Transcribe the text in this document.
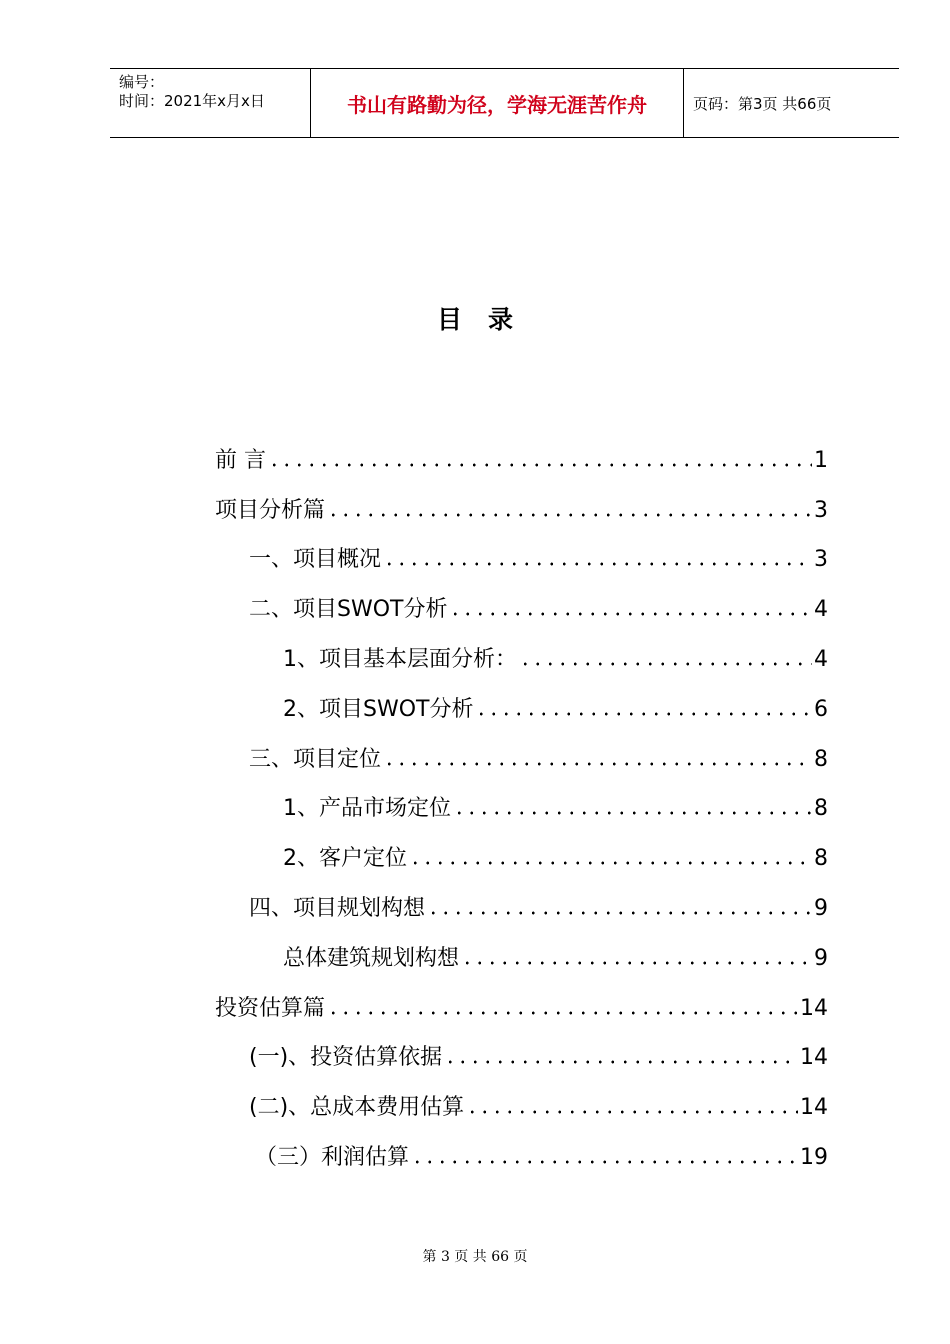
编号：
时间：2021年x月x日	书山有路勤为径，学海无涯苦作舟	页码：第3页 共66页
目录
前 言	1
项目分析篇	3
一、项目概况	3
二、项目SWOT分析	4
1、项目基本层面分析：	4
2、项目SWOT分析	6
三、项目定位	8
1、产品市场定位	8
2、客户定位	8
四、项目规划构想	9
总体建筑规划构想	9
投资估算篇	14
(一)、投资估算依据	14
(二)、总成本费用估算	14
（三）利润估算	19
第 3 页 共 66 页
